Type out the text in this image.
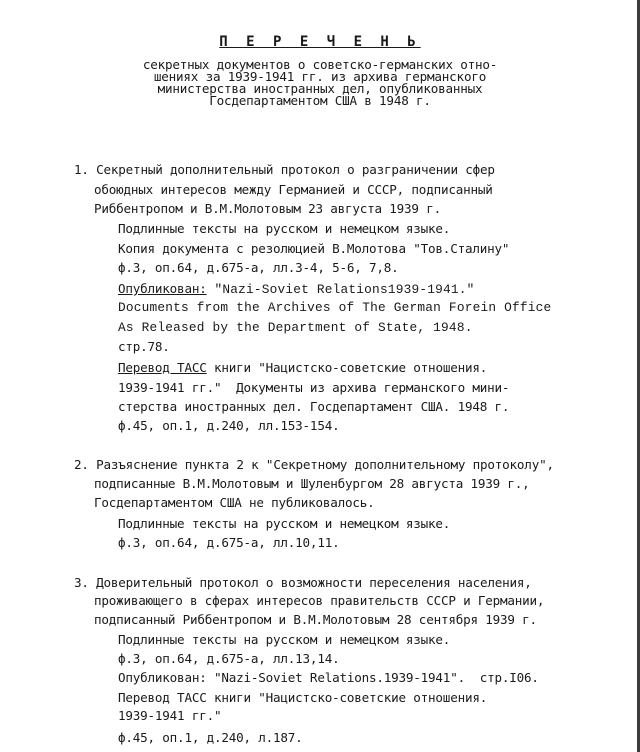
П Е Р Е Ч Е Н Ь
секретных документов о советско-германских отно-
шениях за 1939-1941 гг. из архива германского
министерства иностранных дел, опубликованных
Госдепартаментом США в 1948 г.
1. Секретный дополнительный протокол о разграничении сфер
обоюдных интересов между Германией и СССР, подписанный
Риббентропом и В.М.Молотовым 23 августа 1939 г.
Подлинные тексты на русском и немецком языке.
Копия документа с резолюцией В.Молотова "Тов.Сталину"
ф.3, оп.64, д.675-а, лл.3-4, 5-6, 7,8.
Опубликован: "Nazi-Soviet Relations1939-1941."
Documents from the Archives of The German Forein Office
As Released by the Department of State, 1948.
стр.78.
Перевод ТАСС книги "Нацистско-советские отношения.
1939-1941 гг."  Документы из архива германского мини-
стерства иностранных дел. Госдепартамент США. 1948 г.
ф.45, оп.1, д.240, лл.153-154.
2. Разъяснение пункта 2 к "Секретному дополнительному протоколу",
подписанные В.М.Молотовым и Шуленбургом 28 августа 1939 г.,
Госдепартаментом США не публиковалось.
Подлинные тексты на русском и немецком языке.
ф.3, оп.64, д.675-а, лл.10,11.
3. Доверительный протокол о возможности переселения населения,
проживающего в сферах интересов правительств СССР и Германии,
подписанный Риббентропом и В.М.Молотовым 28 сентября 1939 г.
Подлинные тексты на русском и немецком языке.
ф.3, оп.64, д.675-а, лл.13,14.
Опубликован: "Nazi-Soviet Relations.1939-1941".  стр.I06.
Перевод ТАСС книги "Нацистско-советские отношения.
1939-1941 гг."
ф.45, оп.1, д.240, л.187.
